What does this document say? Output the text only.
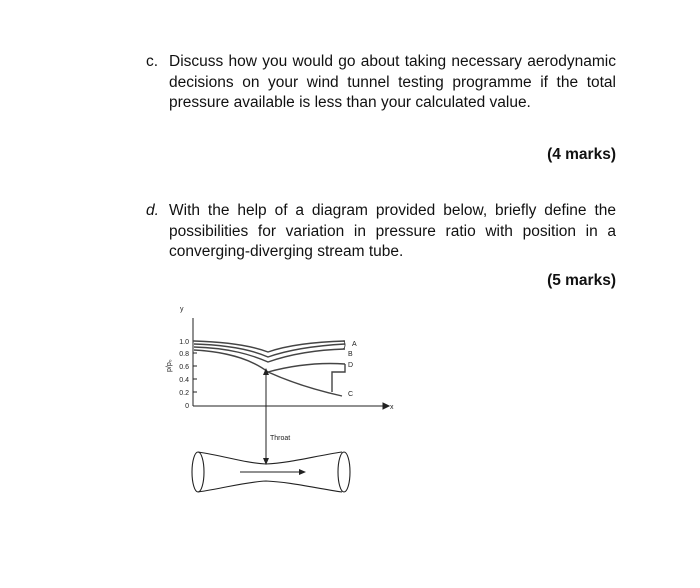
c. Discuss how you would go about taking necessary aerodynamic decisions on your wind tunnel testing programme if the total pressure available is less than your calculated value.
(4 marks)
d. With the help of a diagram provided below, briefly define the possibilities for variation in pressure ratio with position in a converging-diverging stream tube.
(5 marks)
y
x
1.0
0.8
0.6
0.4
0.2
0
p/p₀
A
B
D
C
Throat
)
